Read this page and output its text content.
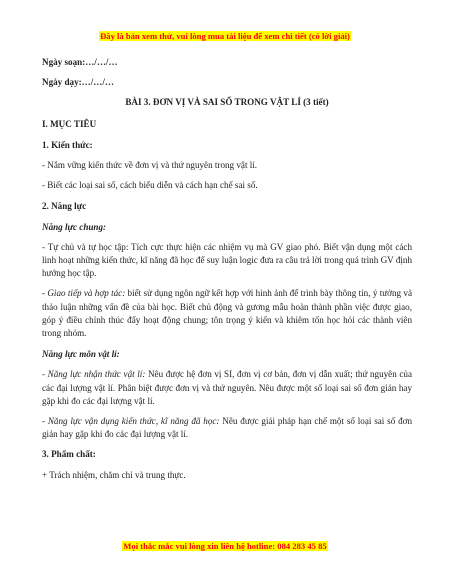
Đây là bản xem thử, vui lòng mua tài liệu để xem chi tiết (có lời giải)
Ngày soạn:…/…/…
Ngày dạy:…/…/…
BÀI 3. ĐƠN VỊ VÀ SAI SỐ TRONG VẬT LÍ (3 tiết)
I. MỤC TIÊU
1. Kiến thức:
- Nắm vững kiến thức về đơn vị và thứ nguyên trong vật lí.
- Biết các loại sai số, cách biểu diễn và cách hạn chế sai số.
2. Năng lực
Năng lực chung:
- Tự chủ và tự học tập: Tích cực thực hiện các nhiệm vụ mà GV giao phó. Biết vận dụng một cách linh hoạt những kiến thức, kĩ năng đã học để suy luận logic đưa ra câu trả lời trong quá trình GV định hướng học tập.
- Giao tiếp và hợp tác: biết sử dụng ngôn ngữ kết hợp với hình ảnh để trình bày thông tin, ý tưởng và thảo luận những vấn đề của bài học. Biết chủ động và gương mẫu hoàn thành phần việc được giao, góp ý điều chỉnh thúc đẩy hoạt động chung; tôn trọng ý kiến và khiêm tốn học hỏi các thành viên trong nhóm.
Năng lực môn vật lí:
- Năng lực nhận thức vật lí: Nêu được hệ đơn vị SI, đơn vị cơ bản, đơn vị dẫn xuất; thứ nguyên của các đại lượng vật lí. Phân biệt được đơn vị và thứ nguyên. Nêu được một số loại sai số đơn giản hay gặp khi đo các đại lượng vật lí.
- Năng lực vận dụng kiến thức, kĩ năng đã học: Nêu được giải pháp hạn chế một số loại sai số đơn giản hay gặp khi đo các đại lượng vật lí.
3. Phẩm chất:
+ Trách nhiệm, chăm chỉ và trung thực.
Mọi thắc mắc vui lòng xin liên hệ hotline: 084 283 45 85
